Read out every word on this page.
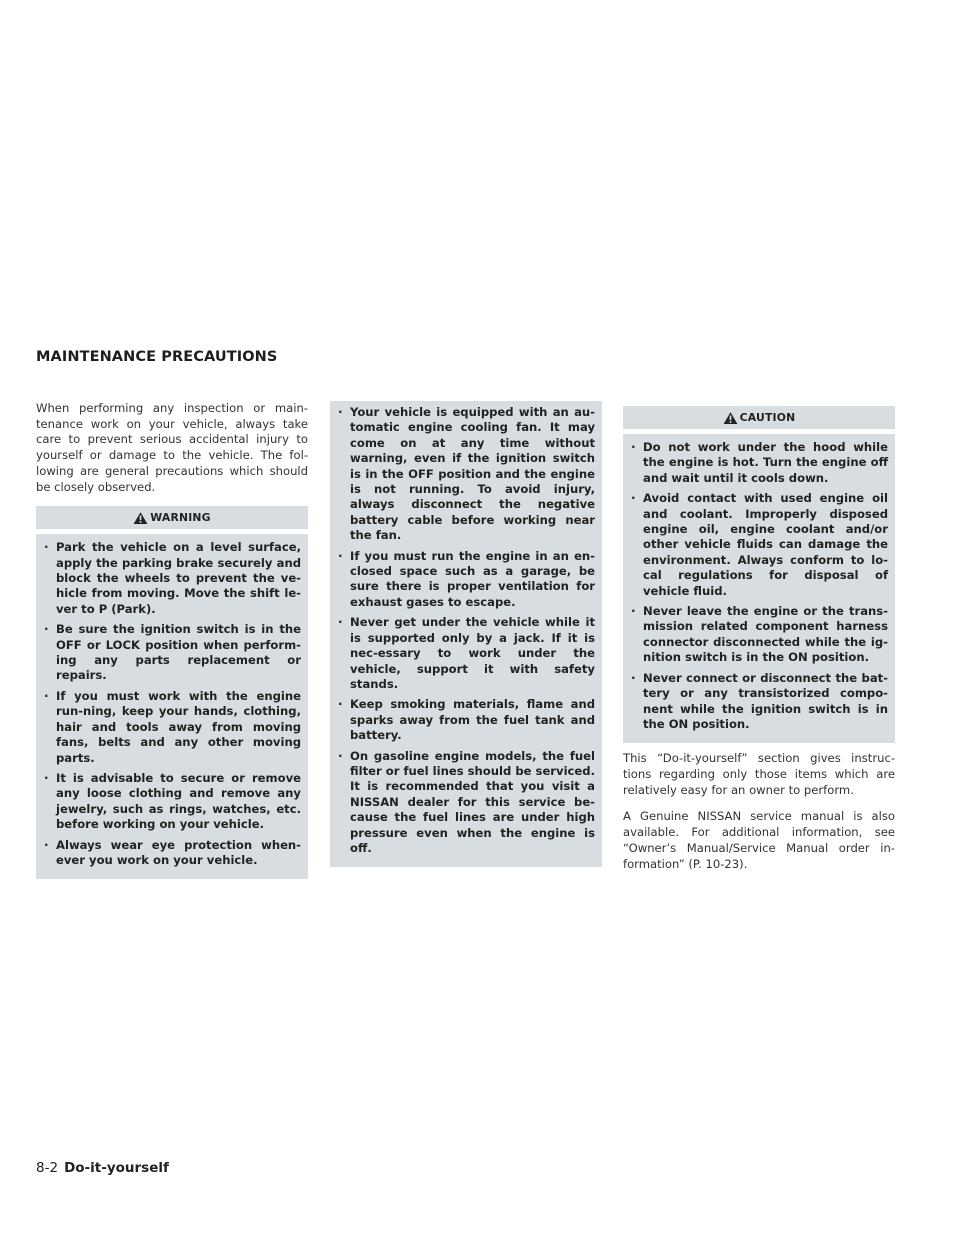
MAINTENANCE PRECAUTIONS

When performing any inspection or main-tenance work on your vehicle, always take care to prevent serious accidental injury to yourself or damage to the vehicle. The fol-lowing are general precautions which should be closely observed.

WARNING
· Park the vehicle on a level surface, apply the parking brake securely and block the wheels to prevent the ve-hicle from moving. Move the shift le-ver to P (Park).
· Be sure the ignition switch is in the OFF or LOCK position when perform-ing any parts replacement or repairs.
· If you must work with the engine run-ning, keep your hands, clothing, hair and tools away from moving fans, belts and any other moving parts.
· It is advisable to secure or remove any loose clothing and remove any jewelry, such as rings, watches, etc. before working on your vehicle.
· Always wear eye protection when-ever you work on your vehicle.
· Your vehicle is equipped with an au-tomatic engine cooling fan. It may come on at any time without warning, even if the ignition switch is in the OFF position and the engine is not running. To avoid injury, always disconnect the negative battery cable before working near the fan.
· If you must run the engine in an en-closed space such as a garage, be sure there is proper ventilation for exhaust gases to escape.
· Never get under the vehicle while it is supported only by a jack. If it is nec-essary to work under the vehicle, support it with safety stands.
· Keep smoking materials, flame and sparks away from the fuel tank and battery.
· On gasoline engine models, the fuel filter or fuel lines should be serviced. It is recommended that you visit a NISSAN dealer for this service be-cause the fuel lines are under high pressure even when the engine is off.
CAUTION
· Do not work under the hood while the engine is hot. Turn the engine off and wait until it cools down.
· Avoid contact with used engine oil and coolant. Improperly disposed engine oil, engine coolant and/or other vehicle fluids can damage the environment. Always conform to lo-cal regulations for disposal of vehicle fluid.
· Never leave the engine or the trans-mission related component harness connector disconnected while the ig-nition switch is in the ON position.
· Never connect or disconnect the bat-tery or any transistorized compo-nent while the ignition switch is in the ON position.

This “Do-it-yourself” section gives instruc-tions regarding only those items which are relatively easy for an owner to perform.

A Genuine NISSAN service manual is also available. For additional information, see “Owner’s Manual/Service Manual order in-formation” (P. 10-23).

8-2 Do-it-yourself
